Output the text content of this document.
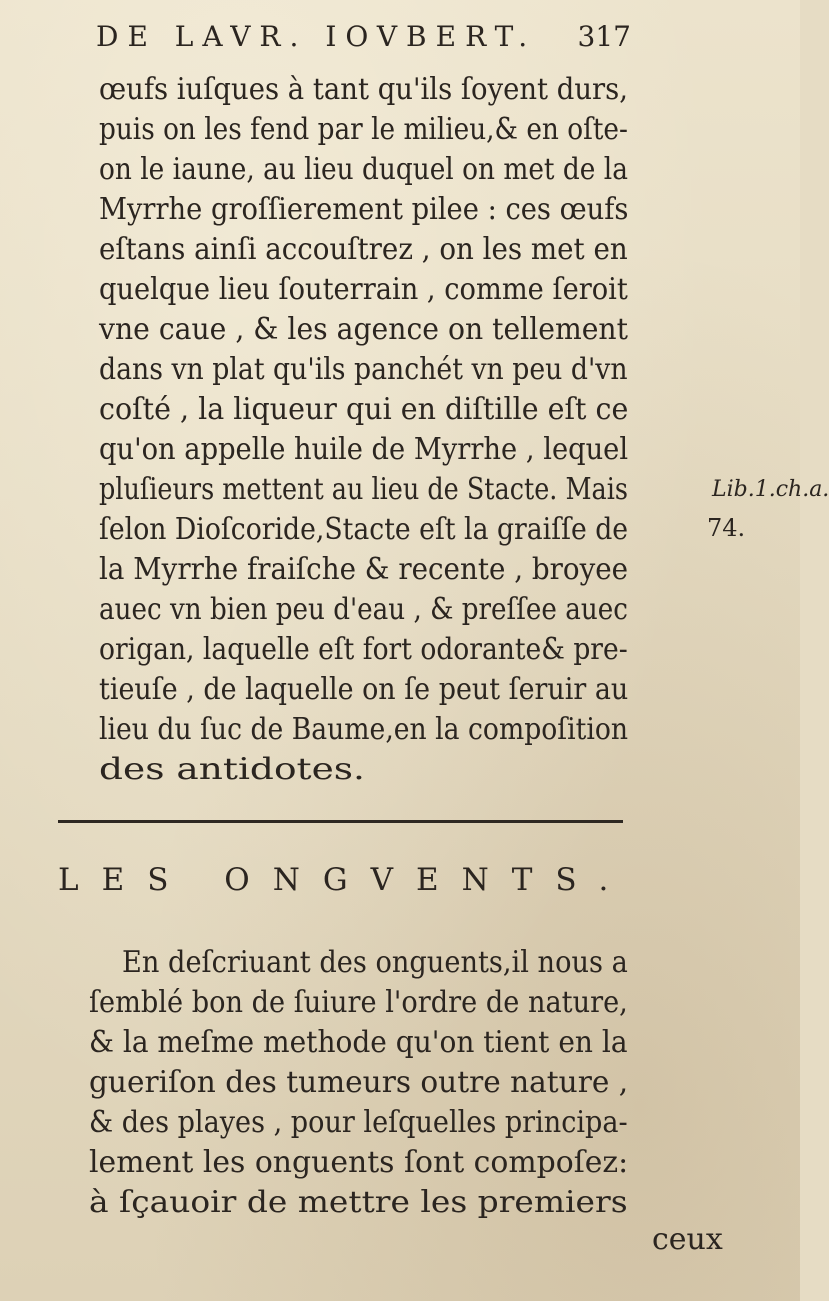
DE LAVR. IOVBERT. 317
œufs iuſques à tant qu'ils ſoyent durs,
puis on les fend par le milieu,& en oſte-
on le iaune, au lieu duquel on met de la
Myrrhe groſſierement pilee : ces œufs
eſtans ainſi accouſtrez , on les met en
quelque lieu ſouterrain , comme ſeroit
vne caue , & les agence on tellement
dans vn plat qu'ils panchét vn peu d'vn
coſté , la liqueur qui en diſtille eſt ce
qu'on appelle huile de Myrrhe , lequel
pluſieurs mettent au lieu de Stacte. Mais
ſelon Dioſcoride,Stacte eſt la graiſſe de
la Myrrhe fraiſche & recente , broyee
auec vn bien peu d'eau , & preſſee auec
origan, laquelle eſt fort odorante& pre-
tieuſe , de laquelle on ſe peut ſeruir au
lieu du ſuc de Baume,en la compoſition
des antidotes.
Lib.1.ch.a.
74.
LES ONGVENTS.
En deſcriuant des onguents,il nous a
ſemblé bon de ſuiure l'ordre de nature,
& la meſme methode qu'on tient en la
gueriſon des tumeurs outre nature ,
& des playes , pour leſquelles principa-
lement les onguents ſont compoſez:
à ſçauoir de mettre les premiers
ceux
